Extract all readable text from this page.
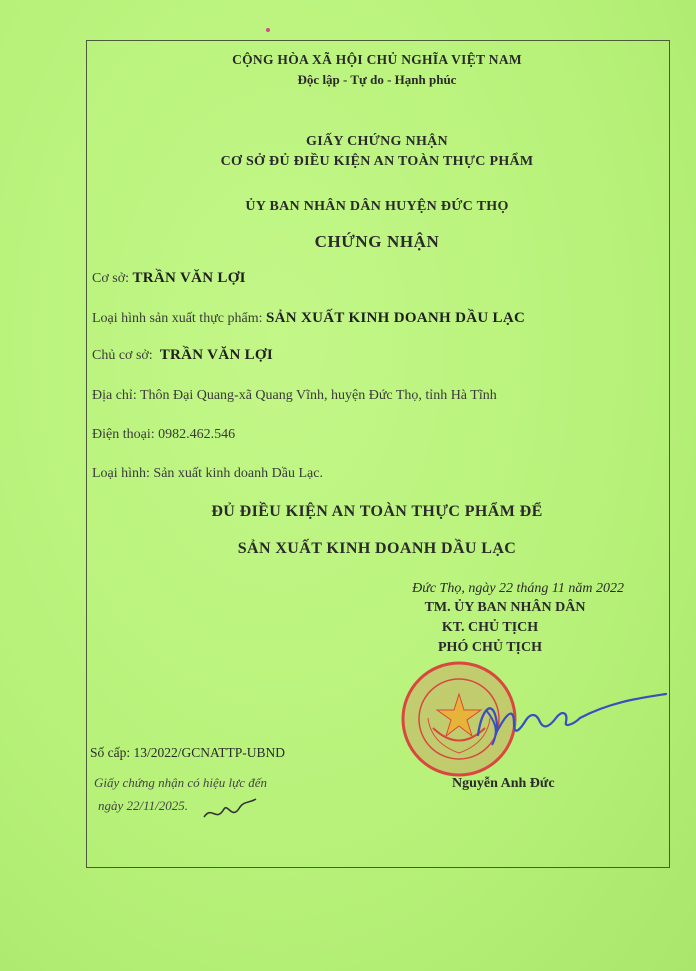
CỘNG HÒA XÃ HỘI CHỦ NGHĨA VIỆT NAM
Độc lập - Tự do - Hạnh phúc
GIẤY CHỨNG NHẬN
CƠ SỞ ĐỦ ĐIỀU KIỆN AN TOÀN THỰC PHẨM
ỦY BAN NHÂN DÂN HUYỆN ĐỨC THỌ
CHỨNG NHẬN
Cơ sở: TRẦN VĂN LỢI
Loại hình sản xuất thực phẩm: SẢN XUẤT KINH DOANH DẦU LẠC
Chủ cơ sở: TRẦN VĂN LỢI
Địa chỉ: Thôn Đại Quang-xã Quang Vĩnh, huyện Đức Thọ, tỉnh Hà Tĩnh
Điện thoại: 0982.462.546
Loại hình: Sản xuất kinh doanh Dầu Lạc.
ĐỦ ĐIỀU KIỆN AN TOÀN THỰC PHẨM ĐỂ
SẢN XUẤT KINH DOANH DẦU LẠC
Đức Thọ, ngày 22 tháng 11 năm 2022
TM. ỦY BAN NHÂN DÂN
KT. CHỦ TỊCH
PHÓ CHỦ TỊCH
Nguyễn Anh Đức
Số cấp: 13/2022/GCNATTP-UBND
Giấy chứng nhận có hiệu lực đến
ngày 22/11/2025.
